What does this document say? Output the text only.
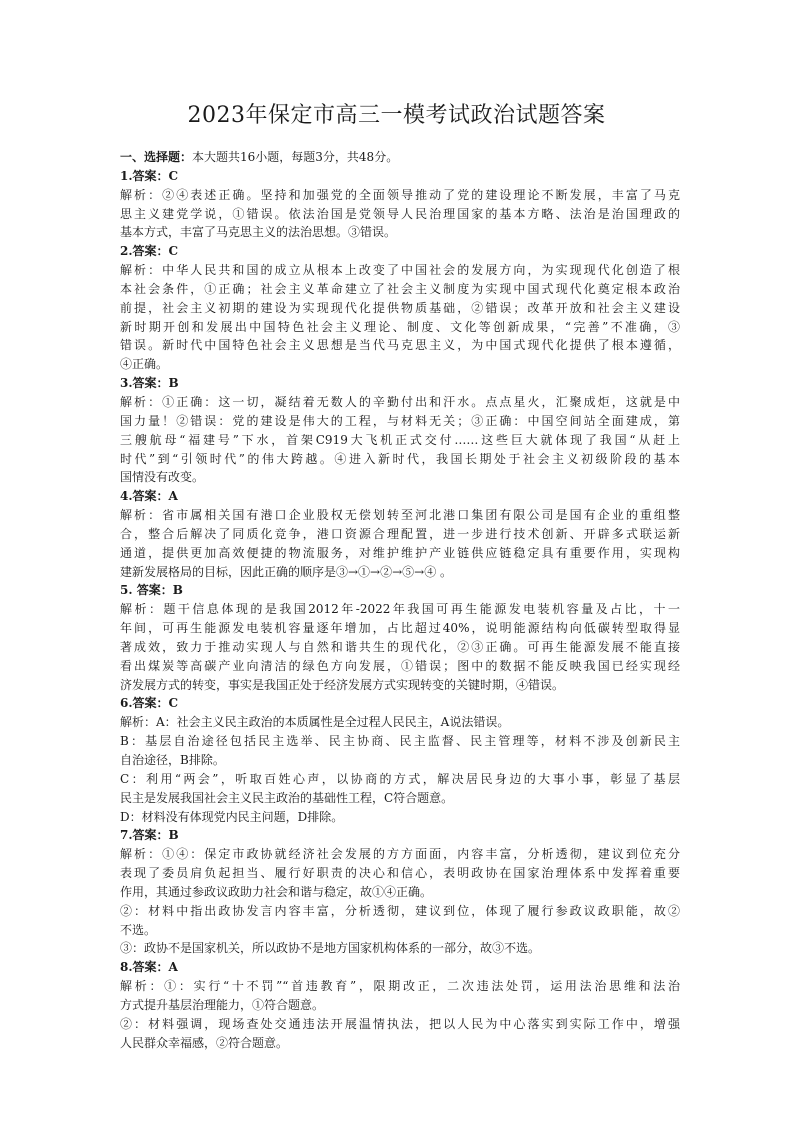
2023年保定市高三一模考试政治试题答案
一、选择题：本大题共16小题，每题3分，共48分。
1.答案：C
解析：②④表述正确。坚持和加强党的全面领导推动了党的建设理论不断发展，丰富了马克
思主义建党学说，①错误。依法治国是党领导人民治理国家的基本方略、法治是治国理政的
基本方式，丰富了马克思主义的法治思想。③错误。
2.答案：C
解析：中华人民共和国的成立从根本上改变了中国社会的发展方向，为实现现代化创造了根
本社会条件，①正确；社会主义革命建立了社会主义制度为实现中国式现代化奠定根本政治
前提，社会主义初期的建设为实现现代化提供物质基础，②错误；改革开放和社会主义建设
新时期开创和发展出中国特色社会主义理论、制度、文化等创新成果，“完善”不准确，③
错误。新时代中国特色社会主义思想是当代马克思主义，为中国式现代化提供了根本遵循，
④正确。
3.答案：B
解析：①正确：这一切，凝结着无数人的辛勤付出和汗水。点点星火，汇聚成炬，这就是中
国力量！②错误：党的建设是伟大的工程，与材料无关；③正确：中国空间站全面建成，第
三艘航母“福建号”下水，首架C919大飞机正式交付……这些巨大就体现了我国“从赶上
时代”到“引领时代”的伟大跨越。④进入新时代，我国长期处于社会主义初级阶段的基本
国情没有改变。
4.答案：A
解析：省市属相关国有港口企业股权无偿划转至河北港口集团有限公司是国有企业的重组整
合，整合后解决了同质化竞争，港口资源合理配置，进一步进行技术创新、开辟多式联运新
通道，提供更加高效便捷的物流服务，对维护维护产业链供应链稳定具有重要作用，实现构
建新发展格局的目标，因此正确的顺序是③→①→②→⑤→④ 。
5. 答案：B
解析：题干信息体现的是我国2012年-2022年我国可再生能源发电装机容量及占比，十一
年间，可再生能源发电装机容量逐年增加，占比超过40%，说明能源结构向低碳转型取得显
著成效，致力于推动实现人与自然和谐共生的现代化，②③正确。可再生能源发展不能直接
看出煤炭等高碳产业向清洁的绿色方向发展，①错误；图中的数据不能反映我国已经实现经
济发展方式的转变，事实是我国正处于经济发展方式实现转变的关键时期，④错误。
6.答案：C
解析：A：社会主义民主政治的本质属性是全过程人民民主，A说法错误。
B：基层自治途径包括民主选举、民主协商、民主监督、民主管理等，材料不涉及创新民主
自治途径，B排除。
C：利用“两会”，听取百姓心声，以协商的方式，解决居民身边的大事小事，彰显了基层
民主是发展我国社会主义民主政治的基础性工程，C符合题意。
D：材料没有体现党内民主问题，D排除。
7.答案：B
解析：①④：保定市政协就经济社会发展的方方面面，内容丰富，分析透彻，建议到位充分
表现了委员肩负起担当、履行好职责的决心和信心，表明政协在国家治理体系中发挥着重要
作用，其通过参政议政助力社会和谐与稳定，故①④正确。
②：材料中指出政协发言内容丰富，分析透彻，建议到位，体现了履行参政议政职能，故②
不选。
③：政协不是国家机关，所以政协不是地方国家机构体系的一部分，故③不选。
8.答案：A
解析：①：实行“十不罚”“首违教育”，限期改正，二次违法处罚，运用法治思维和法治
方式提升基层治理能力，①符合题意。
②：材料强调，现场查处交通违法开展温情执法，把以人民为中心落实到实际工作中，增强
人民群众幸福感，②符合题意。
